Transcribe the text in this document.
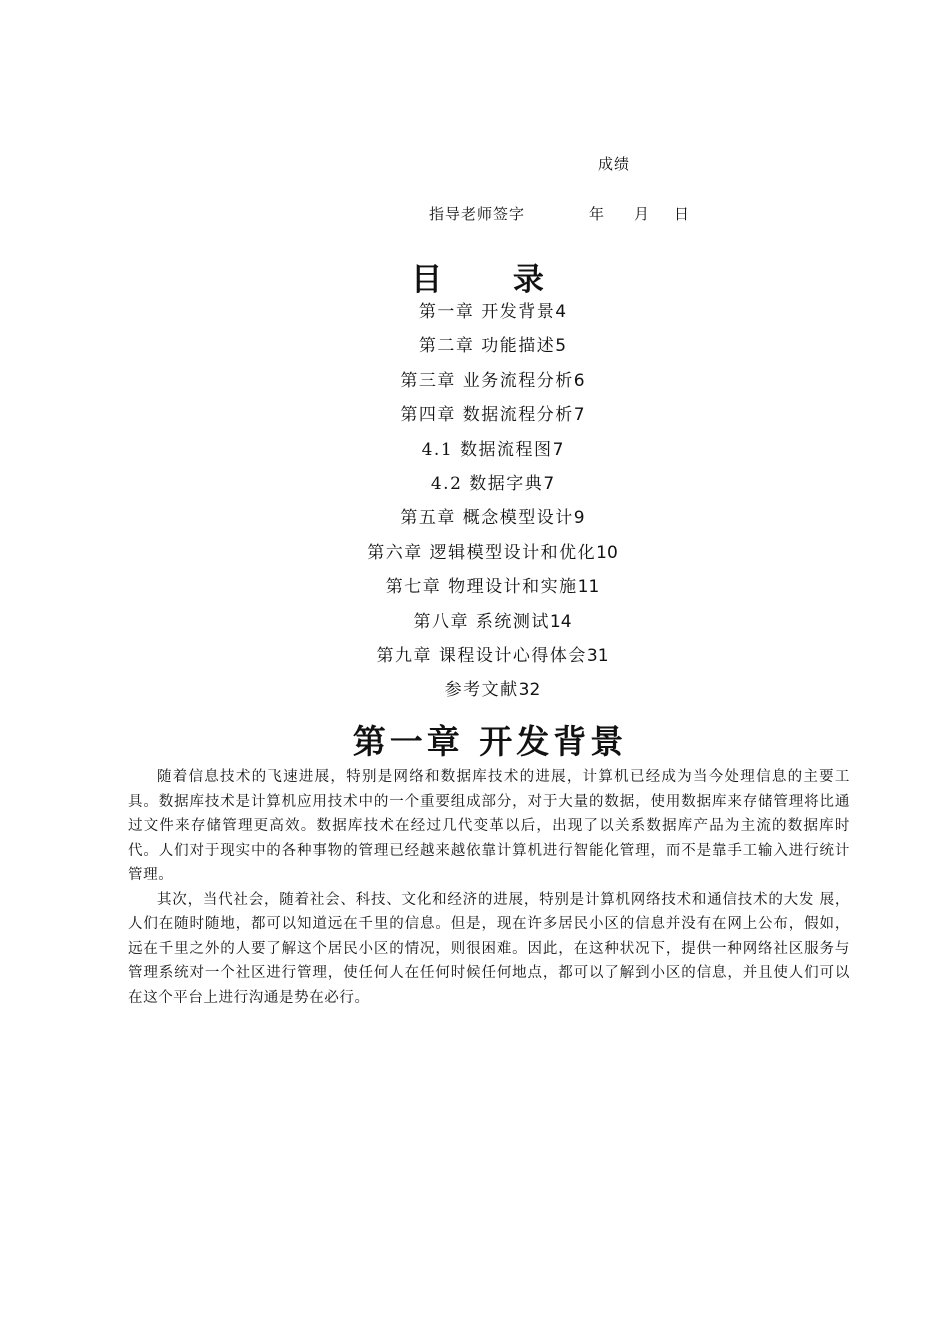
成绩
指导老师签字	年 月 日
目 录
第一章 开发背景4
第二章 功能描述5
第三章 业务流程分析6
第四章 数据流程分析7
4.1 数据流程图7
4.2 数据字典7
第五章 概念模型设计9
第六章 逻辑模型设计和优化10
第七章 物理设计和实施11
第八章 系统测试14
第九章 课程设计心得体会31
参考文献32
第一章 开发背景

随着信息技术的飞速进展，特别是网络和数据库技术的进展，计算机已经成为当今处理信息的主要工具。数据库技术是计算机应用技术中的一个重要组成部分，对于大量的数据，使用数据库来存储管理将比通过文件来存储管理更高效。数据库技术在经过几代变革以后，出现了以关系数据库产品为主流的数据库时代。人们对于现实中的各种事物的管理已经越来越依靠计算机进行智能化管理，而不是靠手工输入进行统计管理。

其次，当代社会，随着社会、科技、文化和经济的进展，特别是计算机网络技术和通信技术的大发 展，人们在随时随地，都可以知道远在千里的信息。但是，现在许多居民小区的信息并没有在网上公布，假如，远在千里之外的人要了解这个居民小区的情况，则很困难。因此，在这种状况下，提供一种网络社区服务与管理系统对一个社区进行管理，使任何人在任何时候任何地点，都可以了解到小区的信息，并且使人们可以在这个平台上进行沟通是势在必行。
